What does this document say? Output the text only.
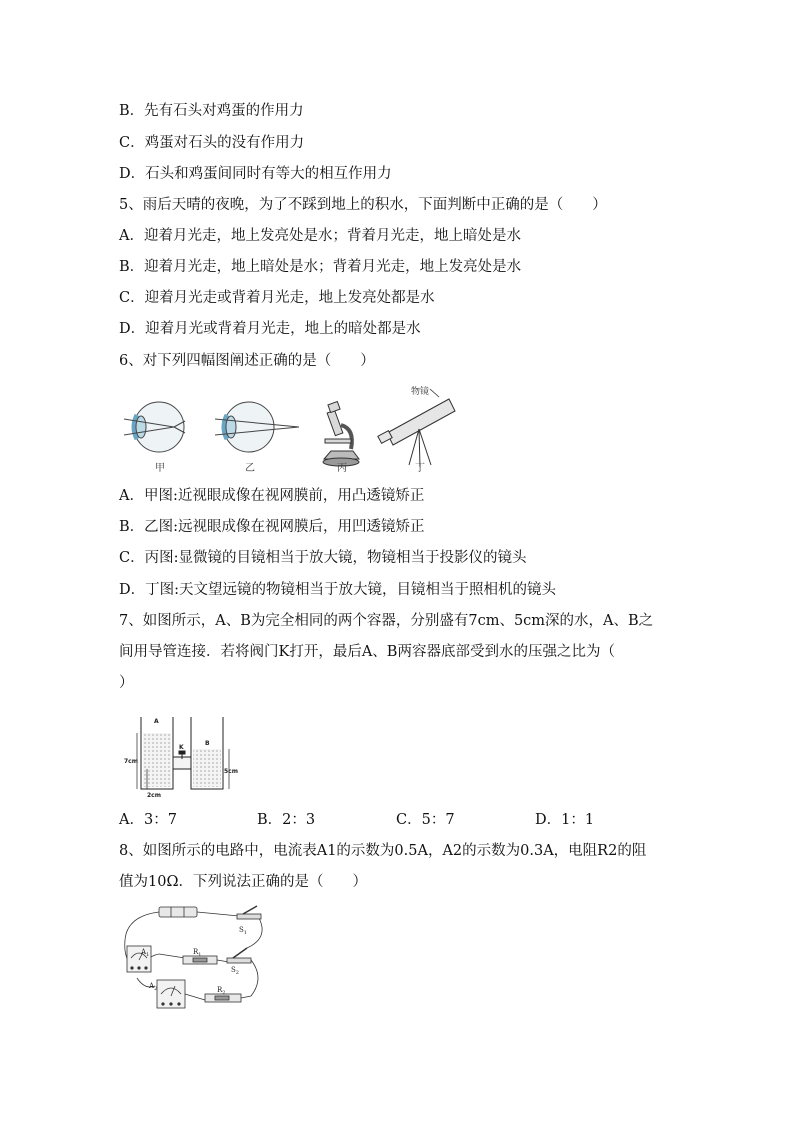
B．先有石头对鸡蛋的作用力
C．鸡蛋对石头的没有作用力
D．石头和鸡蛋间同时有等大的相互作用力
5、雨后天晴的夜晚，为了不踩到地上的积水，下面判断中正确的是（　　）
A．迎着月光走，地上发亮处是水；背着月光走，地上暗处是水
B．迎着月光走，地上暗处是水；背着月光走，地上发亮处是水
C．迎着月光走或背着月光走，地上发亮处都是水
D．迎着月光或背着月光走，地上的暗处都是水
6、对下列四幅图阐述正确的是（　　）
物镜
甲	乙	丙	丁
A．甲图:近视眼成像在视网膜前，用凸透镜矫正
B．乙图:远视眼成像在视网膜后，用凹透镜矫正
C．丙图:显微镜的目镜相当于放大镜，物镜相当于投影仪的镜头
D．丁图:天文望远镜的物镜相当于放大镜，目镜相当于照相机的镜头
7、如图所示，A、B为完全相同的两个容器，分别盛有7cm、5cm深的水，A、B之
间用导管连接．若将阀门K打开，最后A、B两容器底部受到水的压强之比为（
）
A
B
K
7cm
5cm
2cm
A．3：7	B．2：3	C．5：7	D．1：1
8、如图所示的电路中，电流表A1的示数为0.5A，A2的示数为0.3A，电阻R2的阻
值为10Ω．下列说法正确的是（　　）
$S_1$
$S_2$
$R_1$
$R_2$
$A_1$
$A_2$
